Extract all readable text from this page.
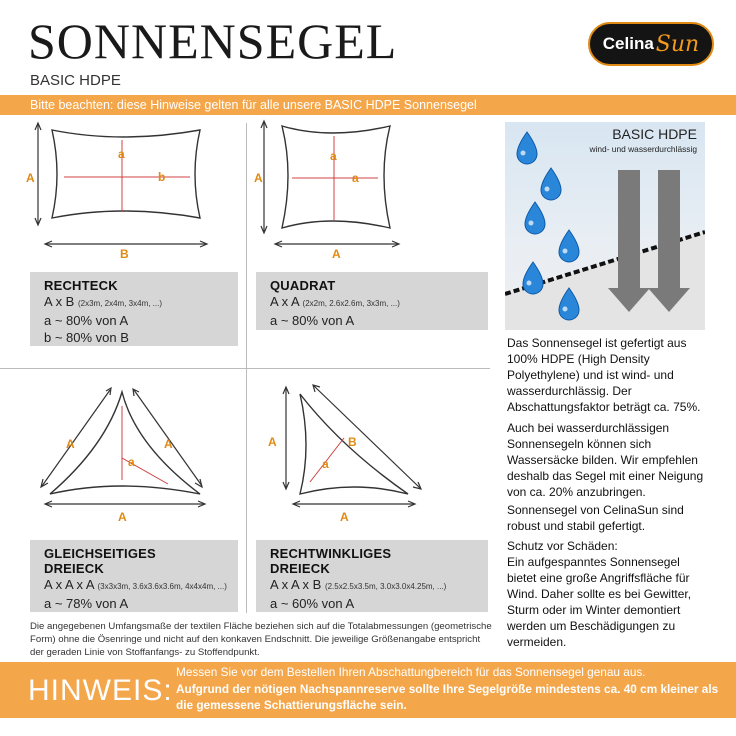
SONNENSEGEL
BASIC HDPE
Celina Sun
Bitte beachten: diese Hinweise gelten für alle unsere BASIC HDPE Sonnensegel
A
B
a
b
RECHTECK
A x B (2x3m, 2x4m, 3x4m, ...)
a ~ 80% von A
b ~ 80% von B
A
A
a
a
QUADRAT
A x A (2x2m, 2.6x2.6m, 3x3m, ...)
a ~ 80% von A
A	A
A
a
GLEICHSEITIGES
DREIECK
A x A x A (3x3x3m, 3.6x3.6x3.6m, 4x4x4m, ...)
a ~ 78% von A
A	B
A
a
RECHTWINKLIGES
DREIECK
A x A x B (2.5x2.5x3.5m, 3.0x3.0x4.25m, ...)
a ~ 60% von A
Die angegebenen Umfangsmaße der textilen Fläche beziehen sich auf die Totalabmessungen (geometrische Form) ohne die Ösenringe und nicht auf den konkaven Endschnitt. Die jeweilige Größenangabe entspricht der geraden Linie von Stoffanfangs- zu Stoffendpunkt.
BASIC HDPE
wind- und wasserdurchlässig
Das Sonnensegel ist gefertigt aus 100% HDPE (High Density Polyethylene) und ist wind- und wasserdurchlässig. Der Abschattungsfaktor beträgt ca. 75%.
Auch bei wasserdurchlässigen Sonnensegeln können sich Wassersäcke bilden. Wir empfehlen deshalb das Segel mit einer Neigung von ca. 20% anzubringen.
Sonnensegel von CelinaSun sind robust und stabil gefertigt.
Schutz vor Schäden:
Ein aufgespanntes Sonnensegel bietet eine große Angriffsfläche für Wind. Daher sollte es bei Gewitter, Sturm oder im Winter demontiert werden um Beschädigungen zu vermeiden.
HINWEIS:
Messen Sie vor dem Bestellen Ihren Abschattungbereich für das Sonnensegel genau aus.
Aufgrund der nötigen Nachspannreserve sollte Ihre Segelgröße mindestens ca. 40 cm kleiner als die gemessene Schattierungsfläche sein.
